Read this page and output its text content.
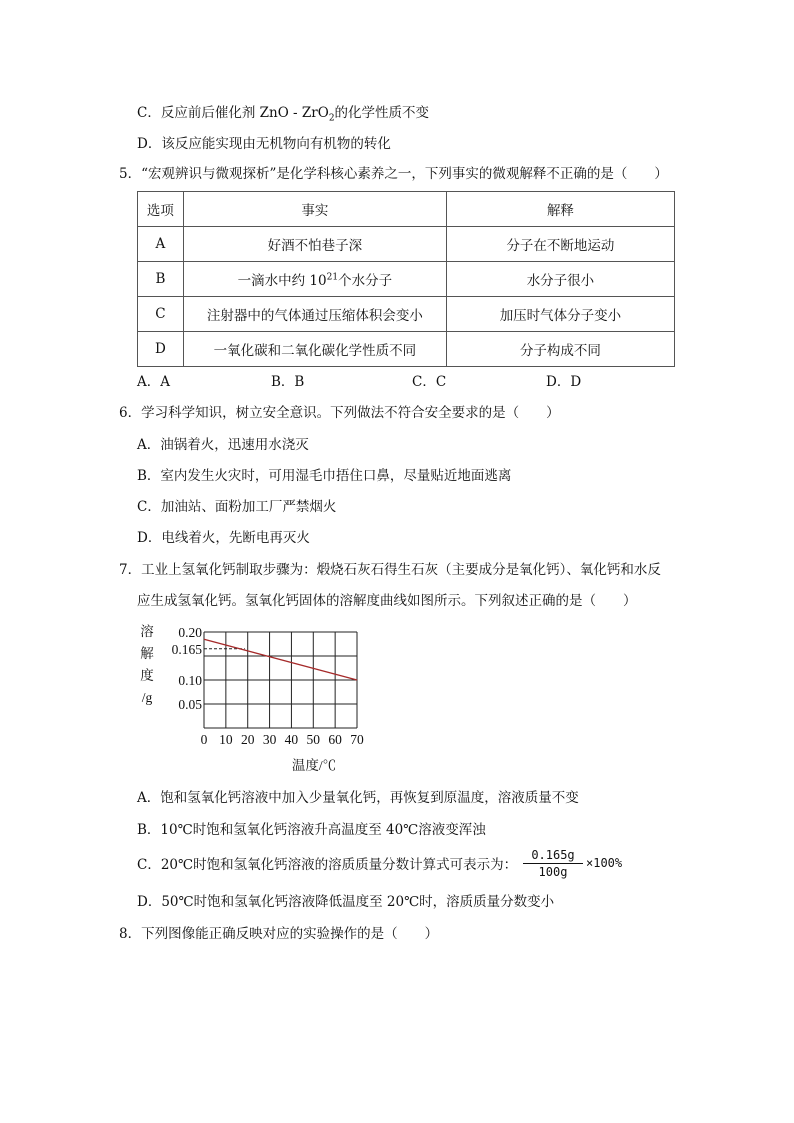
C．反应前后催化剂 ZnO - ZrO$_2$的化学性质不变
D．该反应能实现由无机物向有机物的转化
5．“宏观辨识与微观探析”是化学科核心素养之一，下列事实的微观解释不正确的是（　　）
选项	事实	解释
A	好酒不怕巷子深	分子在不断地运动
B	一滴水中约 $10^{21}$个水分子	水分子很小
C	注射器中的气体通过压缩体积会变小	加压时气体分子变小
D	一氧化碳和二氧化碳化学性质不同	分子构成不同
A．A	B．B	C．C	D．D
6．学习科学知识，树立安全意识。下列做法不符合安全要求的是（　　）
A．油锅着火，迅速用水浇灭
B．室内发生火灾时，可用湿毛巾捂住口鼻，尽量贴近地面逃离
C．加油站、面粉加工厂严禁烟火
D．电线着火，先断电再灭火
7．工业上氢氧化钙制取步骤为：煅烧石灰石得生石灰（主要成分是氧化钙）、氧化钙和水反
应生成氢氧化钙。氢氧化钙固体的溶解度曲线如图所示。下列叙述正确的是（　　）
0.20
0.165
0.10
0.05
0 10 20 30 40 50 60 70
溶
解
度
/g
温度/℃
A．饱和氢氧化钙溶液中加入少量氧化钙，再恢复到原温度，溶液质量不变
B．10℃时饱和氢氧化钙溶液升高温度至 40℃溶液变浑浊
C．20℃时饱和氢氧化钙溶液的溶质质量分数计算式可表示为： $\frac{0.165g}{100g} \times 100\%$
D．50℃时饱和氢氧化钙溶液降低温度至 20℃时，溶质质量分数变小
8．下列图像能正确反映对应的实验操作的是（　　）
